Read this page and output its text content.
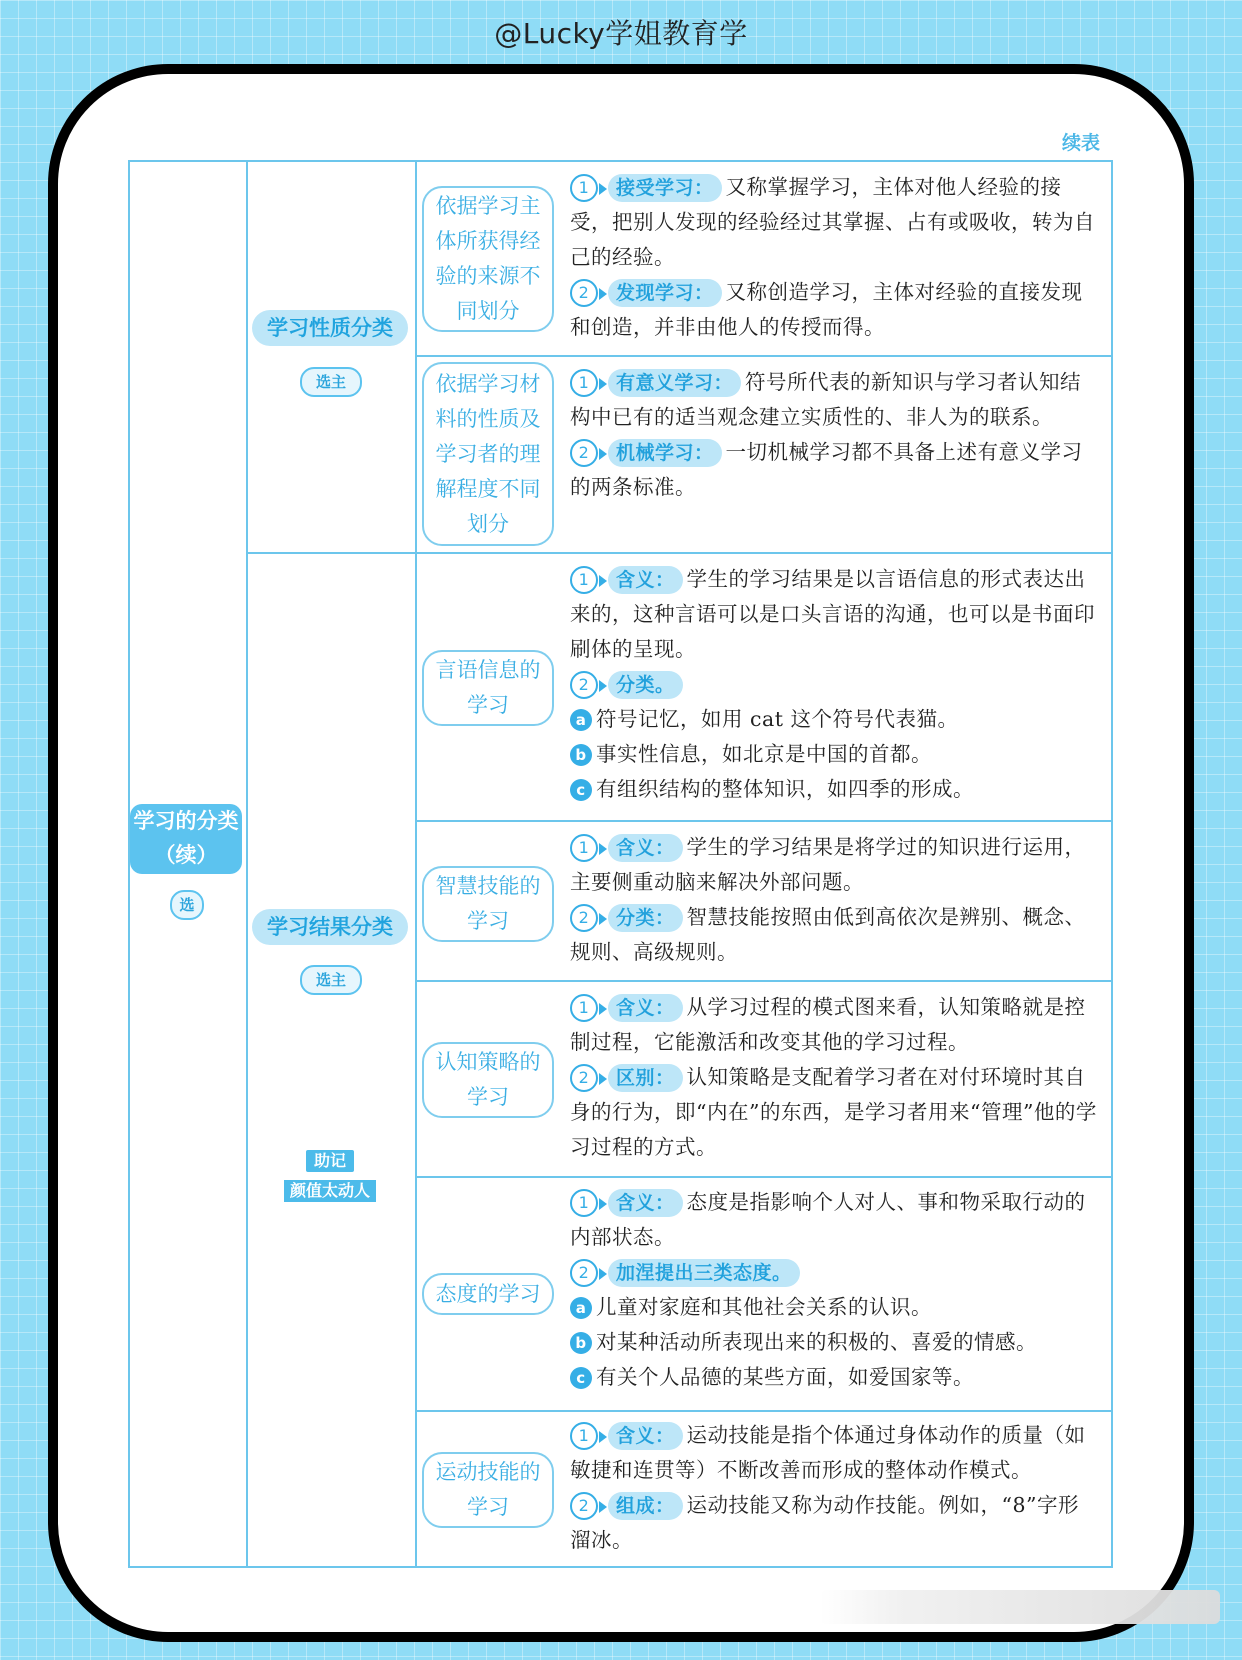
@Lucky学姐教育学
续表
学习的分类（续）
选
学习性质分类
选主
学习结果分类
选主
助记
颜值太动人
依据学习主体所获得经验的来源不同划分
依据学习材料的性质及学习者的理解程度不同划分
言语信息的学习
智慧技能的学习
认知策略的学习
态度的学习
运动技能的学习

1 接受学习： 又称掌握学习，主体对他人经验的接受，把别人发现的经验经过其掌握、占有或吸收，转为自己的经验。

2 发现学习： 又称创造学习，主体对经验的直接发现和创造，并非由他人的传授而得。

1 有意义学习： 符号所代表的新知识与学习者认知结构中已有的适当观念建立实质性的、非人为的联系。

2 机械学习： 一切机械学习都不具备上述有意义学习的两条标准。

1 含义： 学生的学习结果是以言语信息的形式表达出来的，这种言语可以是口头言语的沟通，也可以是书面印刷体的呈现。

2 分类。

a 符号记忆，如用 cat 这个符号代表猫。

b 事实性信息，如北京是中国的首都。

c 有组织结构的整体知识，如四季的形成。

1 含义： 学生的学习结果是将学过的知识进行运用，主要侧重动脑来解决外部问题。

2 分类： 智慧技能按照由低到高依次是辨别、概念、规则、高级规则。

1 含义： 从学习过程的模式图来看，认知策略就是控制过程，它能激活和改变其他的学习过程。

2 区别： 认知策略是支配着学习者在对付环境时其自身的行为，即“内在”的东西，是学习者用来“管理”他的学习过程的方式。

1 含义： 态度是指影响个人对人、事和物采取行动的内部状态。

2 加涅提出三类态度。

a 儿童对家庭和其他社会关系的认识。

b 对某种活动所表现出来的积极的、喜爱的情感。

c 有关个人品德的某些方面，如爱国家等。

1 含义： 运动技能是指个体通过身体动作的质量（如敏捷和连贯等）不断改善而形成的整体动作模式。

2 组成： 运动技能又称为动作技能。例如，“8”字形溜冰。
